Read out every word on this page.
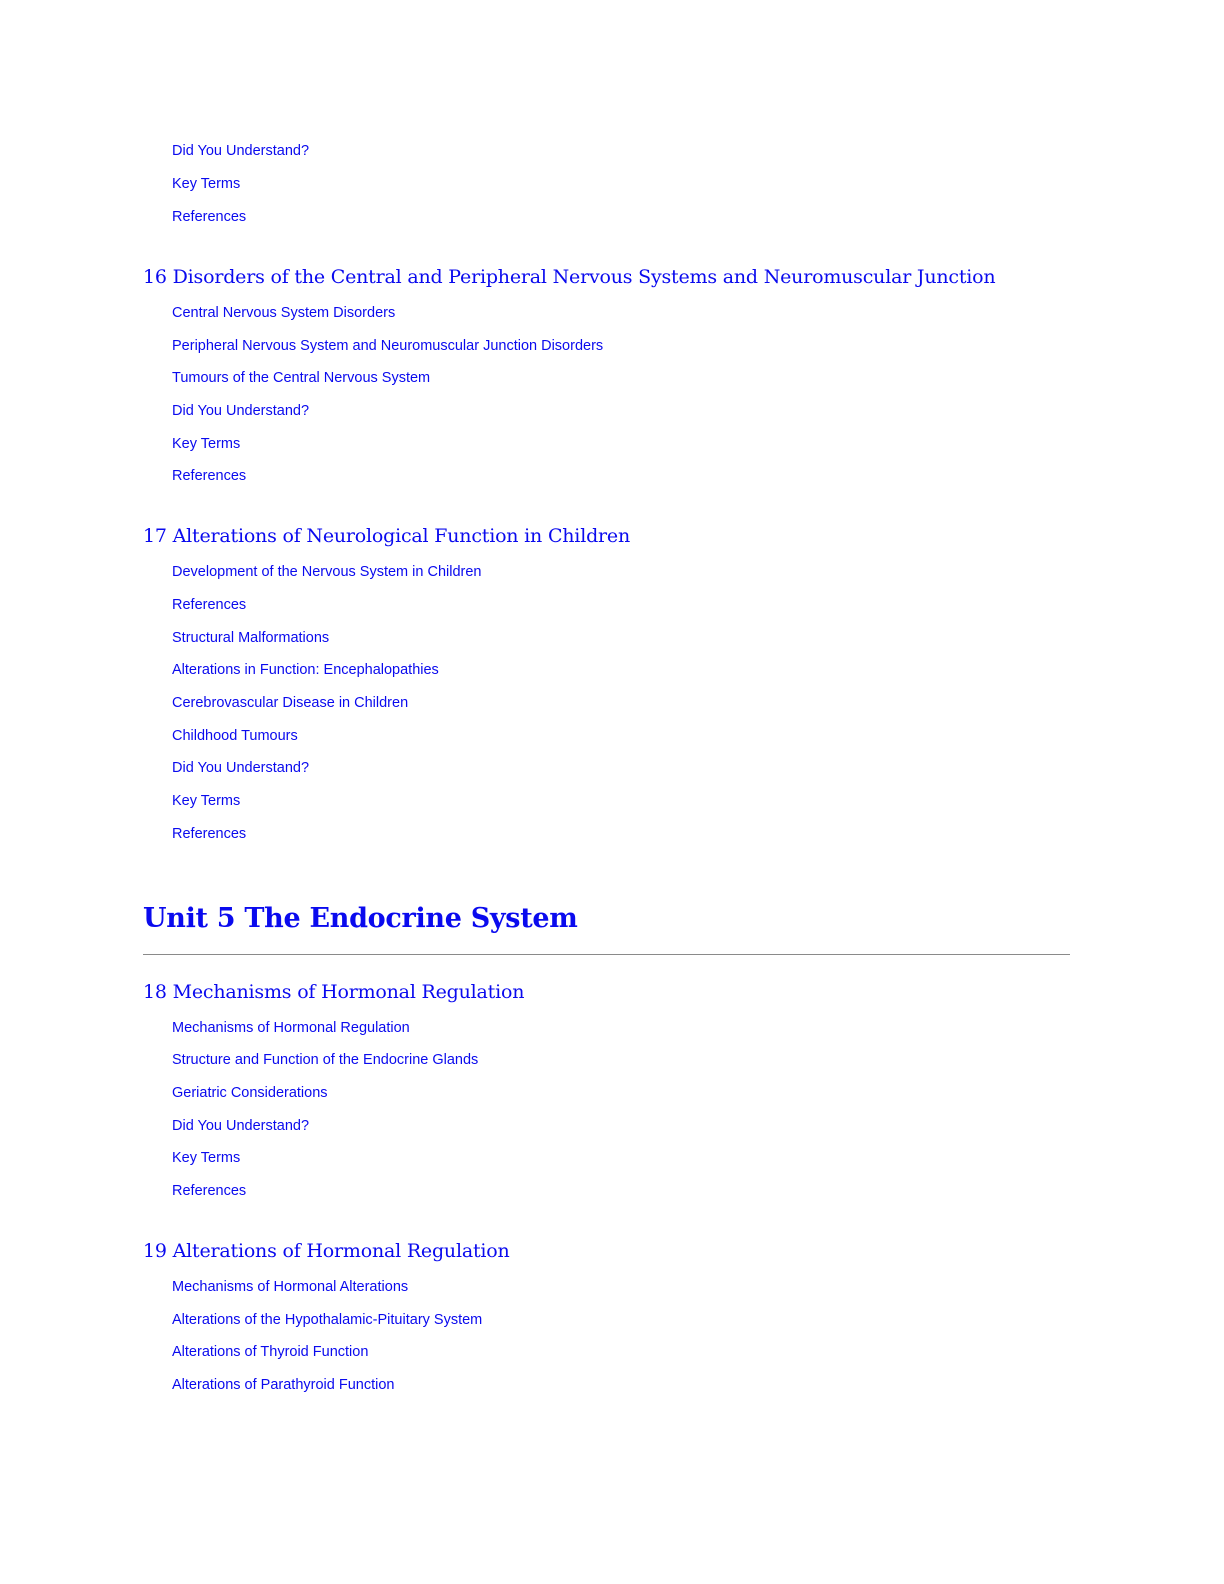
Did You Understand?
Key Terms
References
16 Disorders of the Central and Peripheral Nervous Systems and Neuromuscular Junction
Central Nervous System Disorders
Peripheral Nervous System and Neuromuscular Junction Disorders
Tumours of the Central Nervous System
Did You Understand?
Key Terms
References
17 Alterations of Neurological Function in Children
Development of the Nervous System in Children
References
Structural Malformations
Alterations in Function: Encephalopathies
Cerebrovascular Disease in Children
Childhood Tumours
Did You Understand?
Key Terms
References
Unit 5 The Endocrine System
18 Mechanisms of Hormonal Regulation
Mechanisms of Hormonal Regulation
Structure and Function of the Endocrine Glands
Geriatric Considerations
Did You Understand?
Key Terms
References
19 Alterations of Hormonal Regulation
Mechanisms of Hormonal Alterations
Alterations of the Hypothalamic-Pituitary System
Alterations of Thyroid Function
Alterations of Parathyroid Function
